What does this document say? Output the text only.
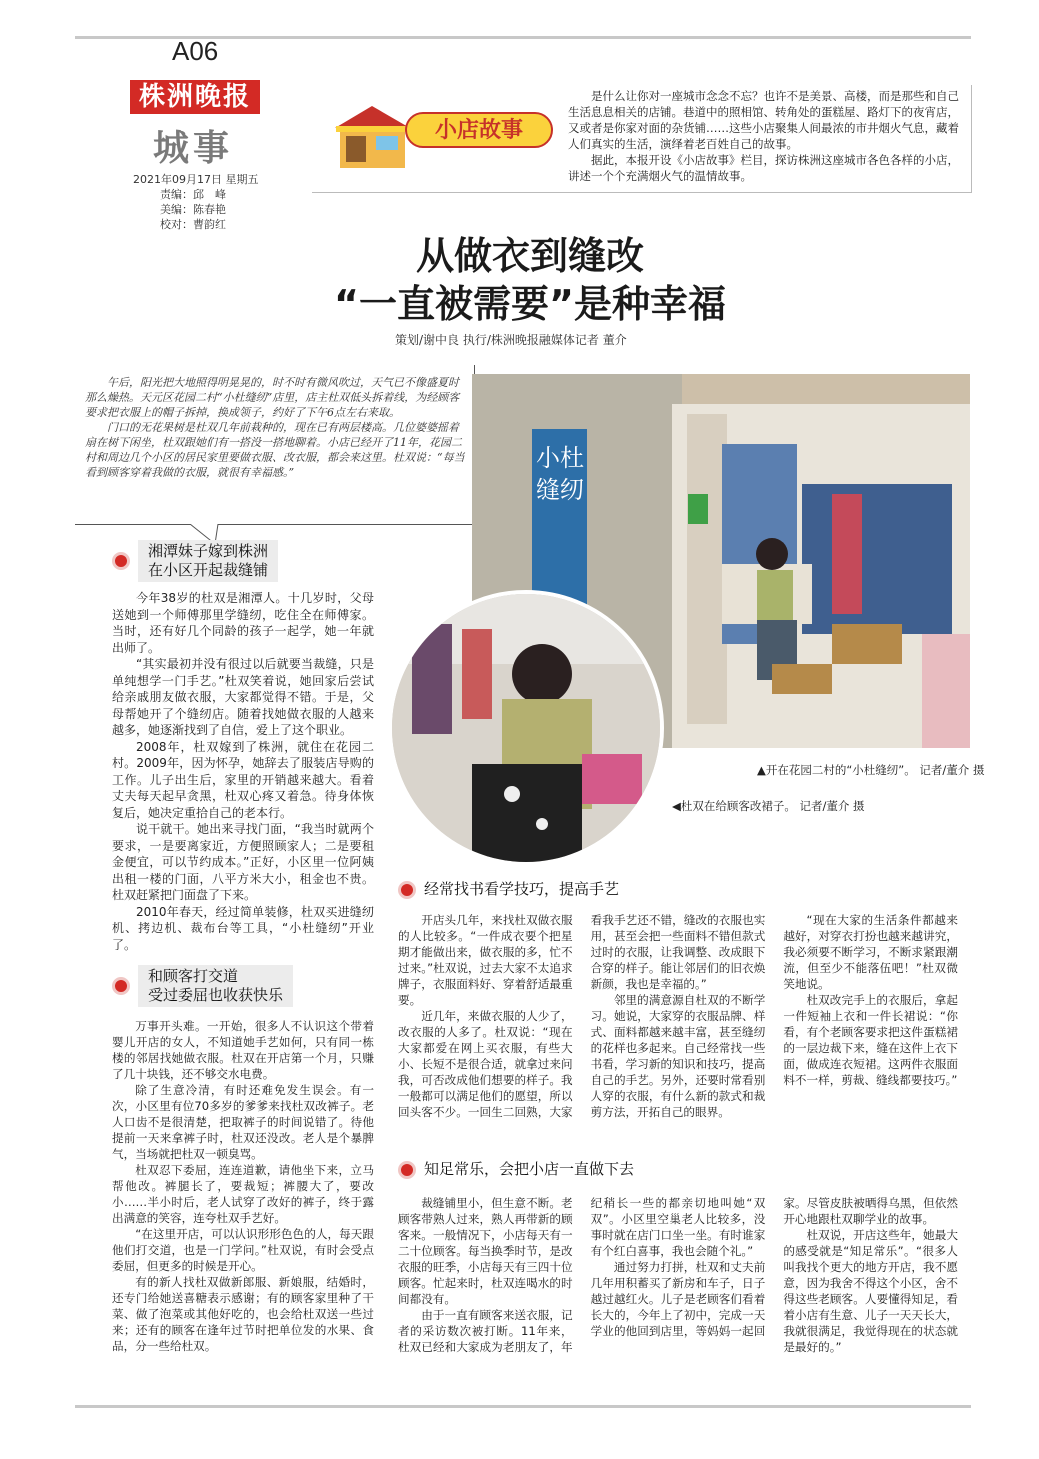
A06
株洲晚报
城事
2021年09月17日 星期五
责编：邱　峰
美编：陈春艳
校对：曹韵红
小店故事

是什么让你对一座城市念念不忘？也许不是美景、高楼，而是那些和自己生活息息相关的店铺。巷道中的照相馆、转角处的蛋糕屋、路灯下的夜宵店，又或者是你家对面的杂货铺……这些小店聚集人间最浓的市井烟火气息，藏着人们真实的生活，演绎着老百姓自己的故事。

据此，本报开设《小店故事》栏目，探访株洲这座城市各色各样的小店，讲述一个个充满烟火气的温情故事。

从做衣到缝改
“一直被需要”是种幸福
策划/谢中良 执行/株洲晚报融媒体记者 董介

午后，阳光把大地照得明晃晃的，时不时有微风吹过，天气已不像盛夏时那么燥热。天元区花园二村“小杜缝纫”店里，店主杜双低头拆着线，为经顾客要求把衣服上的帽子拆掉，换成领子，约好了下午6点左右来取。

门口的无花果树是杜双几年前栽种的，现在已有两层楼高。几位婆婆摇着扇在树下闲坐，杜双跟她们有一搭没一搭地聊着。小店已经开了11年，花园二村和周边几个小区的居民家里要做衣服、改衣服，都会来这里。杜双说：“每当看到顾客穿着我做的衣服，就很有幸福感。”

小杜缝纫
▲开在花园二村的“小杜缝纫”。 记者/董介 摄
◀杜双在给顾客改裙子。 记者/董介 摄
湘潭妹子嫁到株洲
在小区开起裁缝铺

今年38岁的杜双是湘潭人。十几岁时，父母送她到一个师傅那里学缝纫，吃住全在师傅家。当时，还有好几个同龄的孩子一起学，她一年就出师了。

“其实最初并没有很过以后就要当裁缝，只是单纯想学一门手艺。”杜双笑着说，她回家后尝试给亲戚朋友做衣服，大家都觉得不错。于是，父母帮她开了个缝纫店。随着找她做衣服的人越来越多，她逐渐找到了自信，爱上了这个职业。

2008年，杜双嫁到了株洲，就住在花园二村。2009年，因为怀孕，她辞去了服装店导购的工作。儿子出生后，家里的开销越来越大。看着丈夫每天起早贪黑，杜双心疼又着急。待身体恢复后，她决定重拾自己的老本行。

说干就干。她出来寻找门面，“我当时就两个要求，一是要离家近，方便照顾家人；二是要租金便宜，可以节约成本。”正好，小区里一位阿姨出租一楼的门面，八平方米大小，租金也不贵。杜双赶紧把门面盘了下来。

2010年春天，经过简单装修，杜双买进缝纫机、拷边机、裁布台等工具，“小杜缝纫”开业了。

和顾客打交道
受过委屈也收获快乐

万事开头难。一开始，很多人不认识这个带着婴儿开店的女人，不知道她手艺如何，只有同一栋楼的邻居找她做衣服。杜双在开店第一个月，只赚了几十块钱，还不够交水电费。

除了生意冷清，有时还难免发生误会。有一次，小区里有位70多岁的爹爹来找杜双改裤子。老人口齿不是很清楚，把取裤子的时间说错了。待他提前一天来拿裤子时，杜双还没改。老人是个暴脾气，当场就把杜双一顿臭骂。

杜双忍下委屈，连连道歉，请他坐下来，立马帮他改。裤腿长了，要裁短；裤腰大了，要改小……半小时后，老人试穿了改好的裤子，终于露出满意的笑容，连夸杜双手艺好。

“在这里开店，可以认识形形色色的人，每天跟他们打交道，也是一门学问。”杜双说，有时会受点委屈，但更多的时候是开心。

有的新人找杜双做新郎服、新娘服，结婚时，还专门给她送喜糖表示感谢；有的顾客家里种了干菜、做了泡菜或其他好吃的，也会给杜双送一些过来；还有的顾客在逢年过节时把单位发的水果、食品，分一些给杜双。

经常找书看学技巧，提高手艺

开店头几年，来找杜双做衣服的人比较多。“一件成衣要个把星期才能做出来，做衣服的多，忙不过来。”杜双说，过去大家不太追求牌子，衣服面料好、穿着舒适最重要。

近几年，来做衣服的人少了，改衣服的人多了。杜双说：“现在大家都爱在网上买衣服，有些大小、长短不是很合适，就拿过来问我，可否改成他们想要的样子。我一般都可以满足他们的愿望，所以回头客不少。一回生二回熟，大家看我手艺还不错，缝改的衣服也实用，甚至会把一些面料不错但款式过时的衣服，让我调整、改成眼下合穿的样子。能让邻居们的旧衣焕新颜，我也是幸福的。”

邻里的满意源自杜双的不断学习。她说，大家穿的衣服品牌、样式、面料都越来越丰富，甚至缝纫的花样也多起来。自己经常找一些书看，学习新的知识和技巧，提高自己的手艺。另外，还要时常看别人穿的衣服，有什么新的款式和裁剪方法，开拓自己的眼界。

“现在大家的生活条件都越来越好，对穿衣打扮也越来越讲究，我必须要不断学习，不断求紧跟潮流，但至少不能落伍吧！”杜双微笑地说。

杜双改完手上的衣服后，拿起一件短袖上衣和一件长裙说：“你看，有个老顾客要求把这件蛋糕裙的一层边裁下来，缝在这件上衣下面，做成连衣短裙。这两件衣服面料不一样，剪裁、缝线都要技巧。”

知足常乐，会把小店一直做下去

裁缝铺里小，但生意不断。老顾客带熟人过来，熟人再带新的顾客来。一般情况下，小店每天有一二十位顾客。每当换季时节，是改衣服的旺季，小店每天有三四十位顾客。忙起来时，杜双连喝水的时间都没有。

由于一直有顾客来送衣服，记者的采访数次被打断。11年来，杜双已经和大家成为老朋友了，年纪稍长一些的都亲切地叫她“双双”。小区里空巢老人比较多，没事时就在店门口坐一坐。有时谁家有个红白喜事，我也会随个礼。”

通过努力打拼，杜双和丈夫前几年用积蓄买了新房和车子，日子越过越红火。儿子是老顾客们看着长大的，今年上了初中，完成一天学业的他回到店里，等妈妈一起回家。尽管皮肤被晒得乌黑，但依然开心地跟杜双聊学业的故事。

杜双说，开店这些年，她最大的感受就是“知足常乐”。“很多人叫我找个更大的地方开店，我不愿意，因为我舍不得这个小区，舍不得这些老顾客。人要懂得知足，看着小店有生意、儿子一天天长大，我就很满足，我觉得现在的状态就是最好的。”
